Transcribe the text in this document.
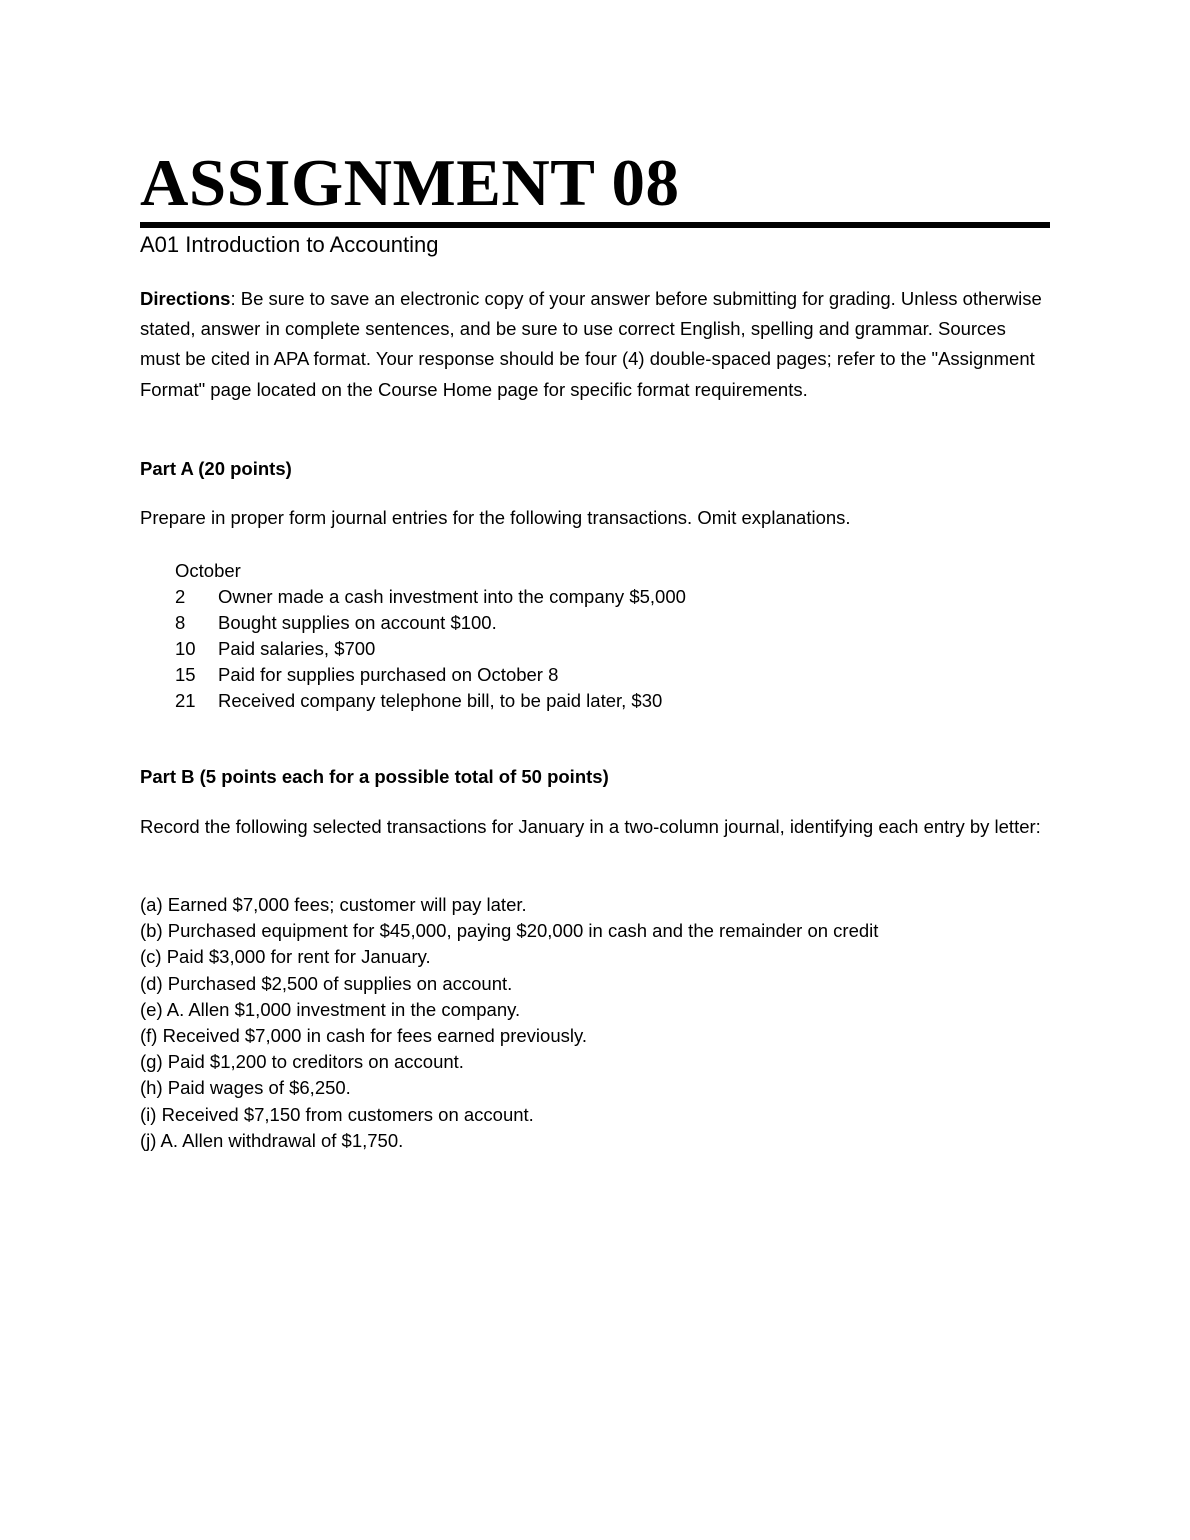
ASSIGNMENT 08
A01 Introduction to Accounting
Directions: Be sure to save an electronic copy of your answer before submitting for grading. Unless otherwise stated, answer in complete sentences, and be sure to use correct English, spelling and grammar. Sources must be cited in APA format. Your response should be four (4) double-spaced pages; refer to the "Assignment Format" page located on the Course Home page for specific format requirements.
Part A (20 points)
Prepare in proper form journal entries for the following transactions. Omit explanations.
October
2	Owner made a cash investment into the company $5,000
8	Bought supplies on account $100.
10	Paid salaries, $700
15	Paid for supplies purchased on October 8
21	Received company telephone bill, to be paid later, $30
Part B (5 points each for a possible total of 50 points)
Record the following selected transactions for January in a two-column journal, identifying each entry by letter:
(a) Earned $7,000 fees; customer will pay later.
(b) Purchased equipment for $45,000, paying $20,000 in cash and the remainder on credit
(c) Paid $3,000 for rent for January.
(d) Purchased $2,500 of supplies on account.
(e) A. Allen $1,000 investment in the company.
(f) Received $7,000 in cash for fees earned previously.
(g) Paid $1,200 to creditors on account.
(h) Paid wages of $6,250.
(i) Received $7,150 from customers on account.
(j) A. Allen withdrawal of $1,750.
